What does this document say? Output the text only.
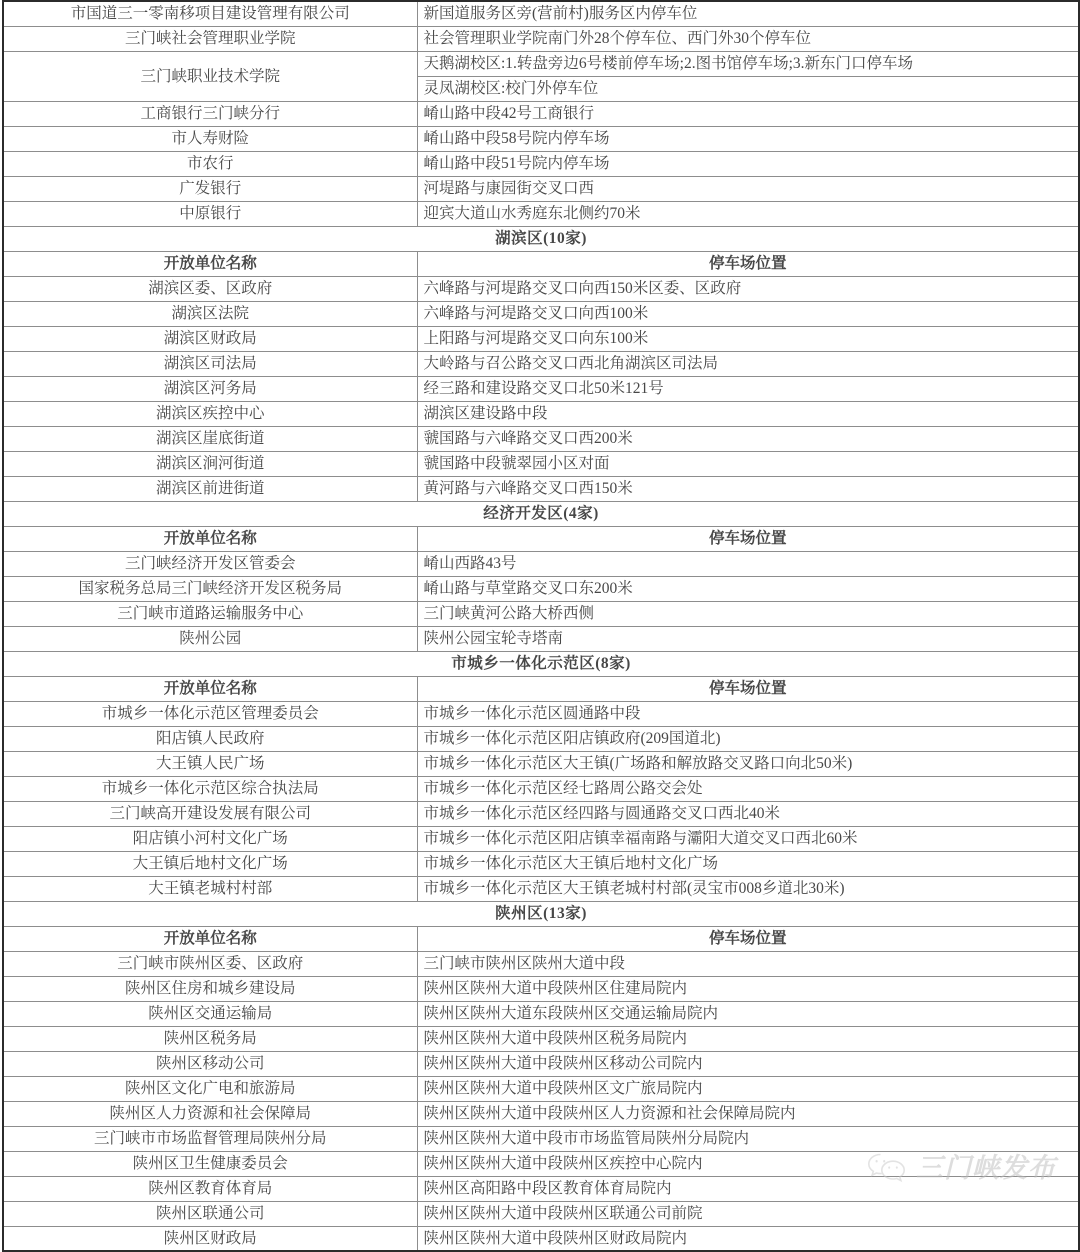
市国道三一零南移项目建设管理有限公司	新国道服务区旁(营前村)服务区内停车位
三门峡社会管理职业学院	社会管理职业学院南门外28个停车位、西门外30个停车位
三门峡职业技术学院	天鹅湖校区:1.转盘旁边6号楼前停车场;2.图书馆停车场;3.新东门口停车场
	灵凤湖校区:校门外停车位
工商银行三门峡分行	崤山路中段42号工商银行
市人寿财险	崤山路中段58号院内停车场
市农行	崤山路中段51号院内停车场
广发银行	河堤路与康园街交叉口西
中原银行	迎宾大道山水秀庭东北侧约70米
湖滨区(10家)	
开放单位名称	停车场位置
湖滨区委、区政府	六峰路与河堤路交叉口向西150米区委、区政府
湖滨区法院	六峰路与河堤路交叉口向西100米
湖滨区财政局	上阳路与河堤路交叉口向东100米
湖滨区司法局	大岭路与召公路交叉口西北角湖滨区司法局
湖滨区河务局	经三路和建设路交叉口北50米121号
湖滨区疾控中心	湖滨区建设路中段
湖滨区崖底街道	虢国路与六峰路交叉口西200米
湖滨区涧河街道	虢国路中段虢翠园小区对面
湖滨区前进街道	黄河路与六峰路交叉口西150米
经济开发区(4家)	
开放单位名称	停车场位置
三门峡经济开发区管委会	崤山西路43号
国家税务总局三门峡经济开发区税务局	崤山路与草堂路交叉口东200米
三门峡市道路运输服务中心	三门峡黄河公路大桥西侧
陕州公园	陕州公园宝轮寺塔南
市城乡一体化示范区(8家)	
开放单位名称	停车场位置
市城乡一体化示范区管理委员会	市城乡一体化示范区圆通路中段
阳店镇人民政府	市城乡一体化示范区阳店镇政府(209国道北)
大王镇人民广场	市城乡一体化示范区大王镇(广场路和解放路交叉路口向北50米)
市城乡一体化示范区综合执法局	市城乡一体化示范区经七路周公路交会处
三门峡高开建设发展有限公司	市城乡一体化示范区经四路与圆通路交叉口西北40米
阳店镇小河村文化广场	市城乡一体化示范区阳店镇幸福南路与灞阳大道交叉口西北60米
大王镇后地村文化广场	市城乡一体化示范区大王镇后地村文化广场
大王镇老城村村部	市城乡一体化示范区大王镇老城村村部(灵宝市008乡道北30米)
陕州区(13家)	
开放单位名称	停车场位置
三门峡市陕州区委、区政府	三门峡市陕州区陕州大道中段
陕州区住房和城乡建设局	陕州区陕州大道中段陕州区住建局院内
陕州区交通运输局	陕州区陕州大道东段陕州区交通运输局院内
陕州区税务局	陕州区陕州大道中段陕州区税务局院内
陕州区移动公司	陕州区陕州大道中段陕州区移动公司院内
陕州区文化广电和旅游局	陕州区陕州大道中段陕州区文广旅局院内
陕州区人力资源和社会保障局	陕州区陕州大道中段陕州区人力资源和社会保障局院内
三门峡市市场监督管理局陕州分局	陕州区陕州大道中段市市场监管局陕州分局院内
陕州区卫生健康委员会	陕州区陕州大道中段陕州区疾控中心院内
陕州区教育体育局	陕州区高阳路中段区教育体育局院内
陕州区联通公司	陕州区陕州大道中段陕州区联通公司前院
陕州区财政局	陕州区陕州大道中段陕州区财政局院内
三门峡发布
